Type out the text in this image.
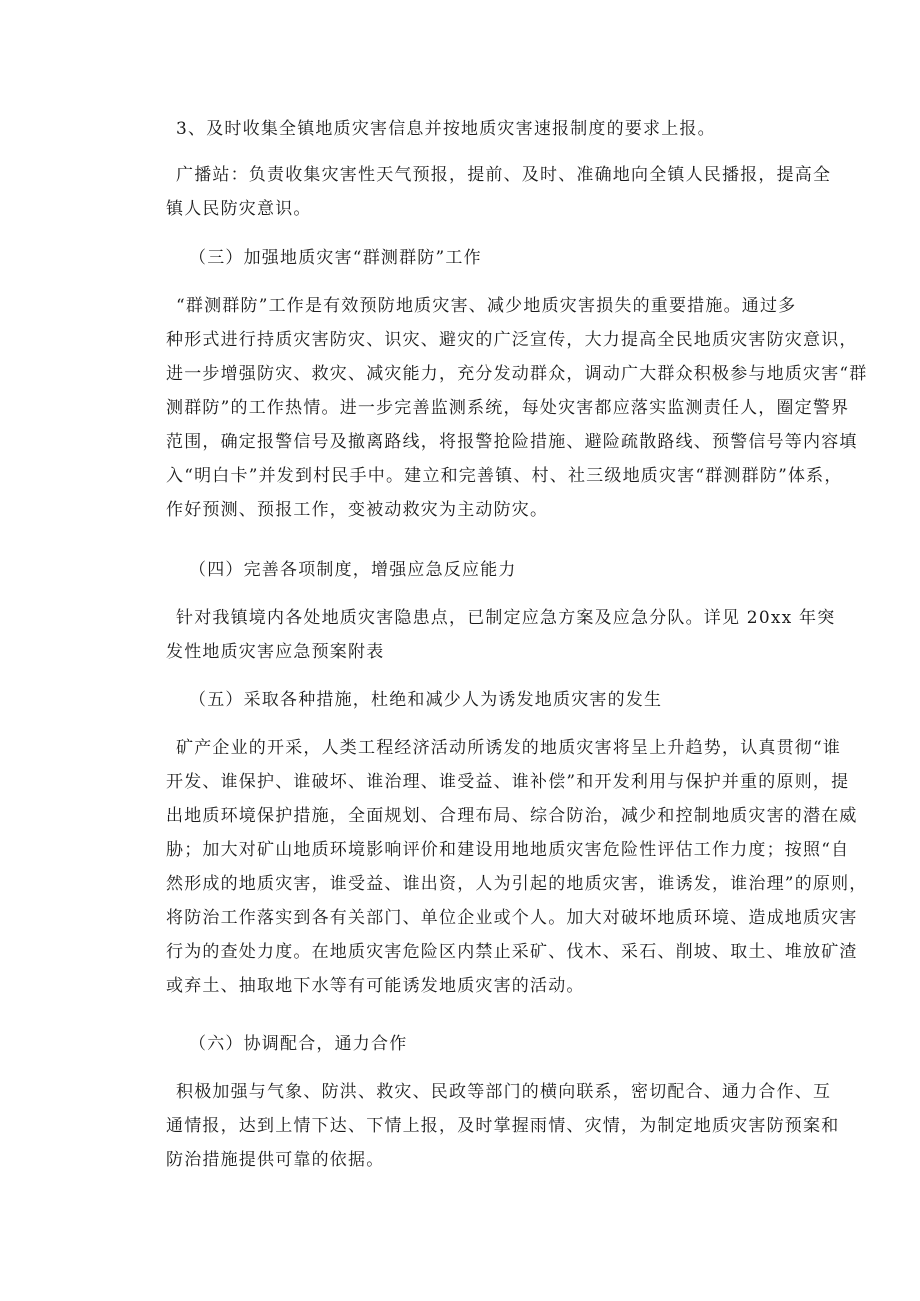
3、及时收集全镇地质灾害信息并按地质灾害速报制度的要求上报。
广播站：负责收集灾害性天气预报，提前、及时、准确地向全镇人民播报，提高全
镇人民防灾意识。
（三）加强地质灾害“群测群防”工作
“群测群防”工作是有效预防地质灾害、减少地质灾害损失的重要措施。通过多
种形式进行持质灾害防灾、识灾、避灾的广泛宣传，大力提高全民地质灾害防灾意识，
进一步增强防灾、救灾、减灾能力，充分发动群众，调动广大群众积极参与地质灾害“群
测群防”的工作热情。进一步完善监测系统，每处灾害都应落实监测责任人，圈定警界
范围，确定报警信号及撤离路线，将报警抢险措施、避险疏散路线、预警信号等内容填
入“明白卡”并发到村民手中。建立和完善镇、村、社三级地质灾害“群测群防”体系，
作好预测、预报工作，变被动救灾为主动防灾。
（四）完善各项制度，增强应急反应能力
针对我镇境内各处地质灾害隐患点，已制定应急方案及应急分队。详见 20xx 年突
发性地质灾害应急预案附表
（五）采取各种措施，杜绝和减少人为诱发地质灾害的发生
矿产企业的开采，人类工程经济活动所诱发的地质灾害将呈上升趋势，认真贯彻“谁
开发、谁保护、谁破坏、谁治理、谁受益、谁补偿”和开发利用与保护并重的原则，提
出地质环境保护措施，全面规划、合理布局、综合防治，减少和控制地质灾害的潜在威
胁；加大对矿山地质环境影响评价和建设用地地质灾害危险性评估工作力度；按照“自
然形成的地质灾害，谁受益、谁出资，人为引起的地质灾害，谁诱发，谁治理”的原则，
将防治工作落实到各有关部门、单位企业或个人。加大对破坏地质环境、造成地质灾害
行为的查处力度。在地质灾害危险区内禁止采矿、伐木、采石、削坡、取土、堆放矿渣
或弃土、抽取地下水等有可能诱发地质灾害的活动。
（六）协调配合，通力合作
积极加强与气象、防洪、救灾、民政等部门的横向联系，密切配合、通力合作、互
通情报，达到上情下达、下情上报，及时掌握雨情、灾情，为制定地质灾害防预案和
防治措施提供可靠的依据。
